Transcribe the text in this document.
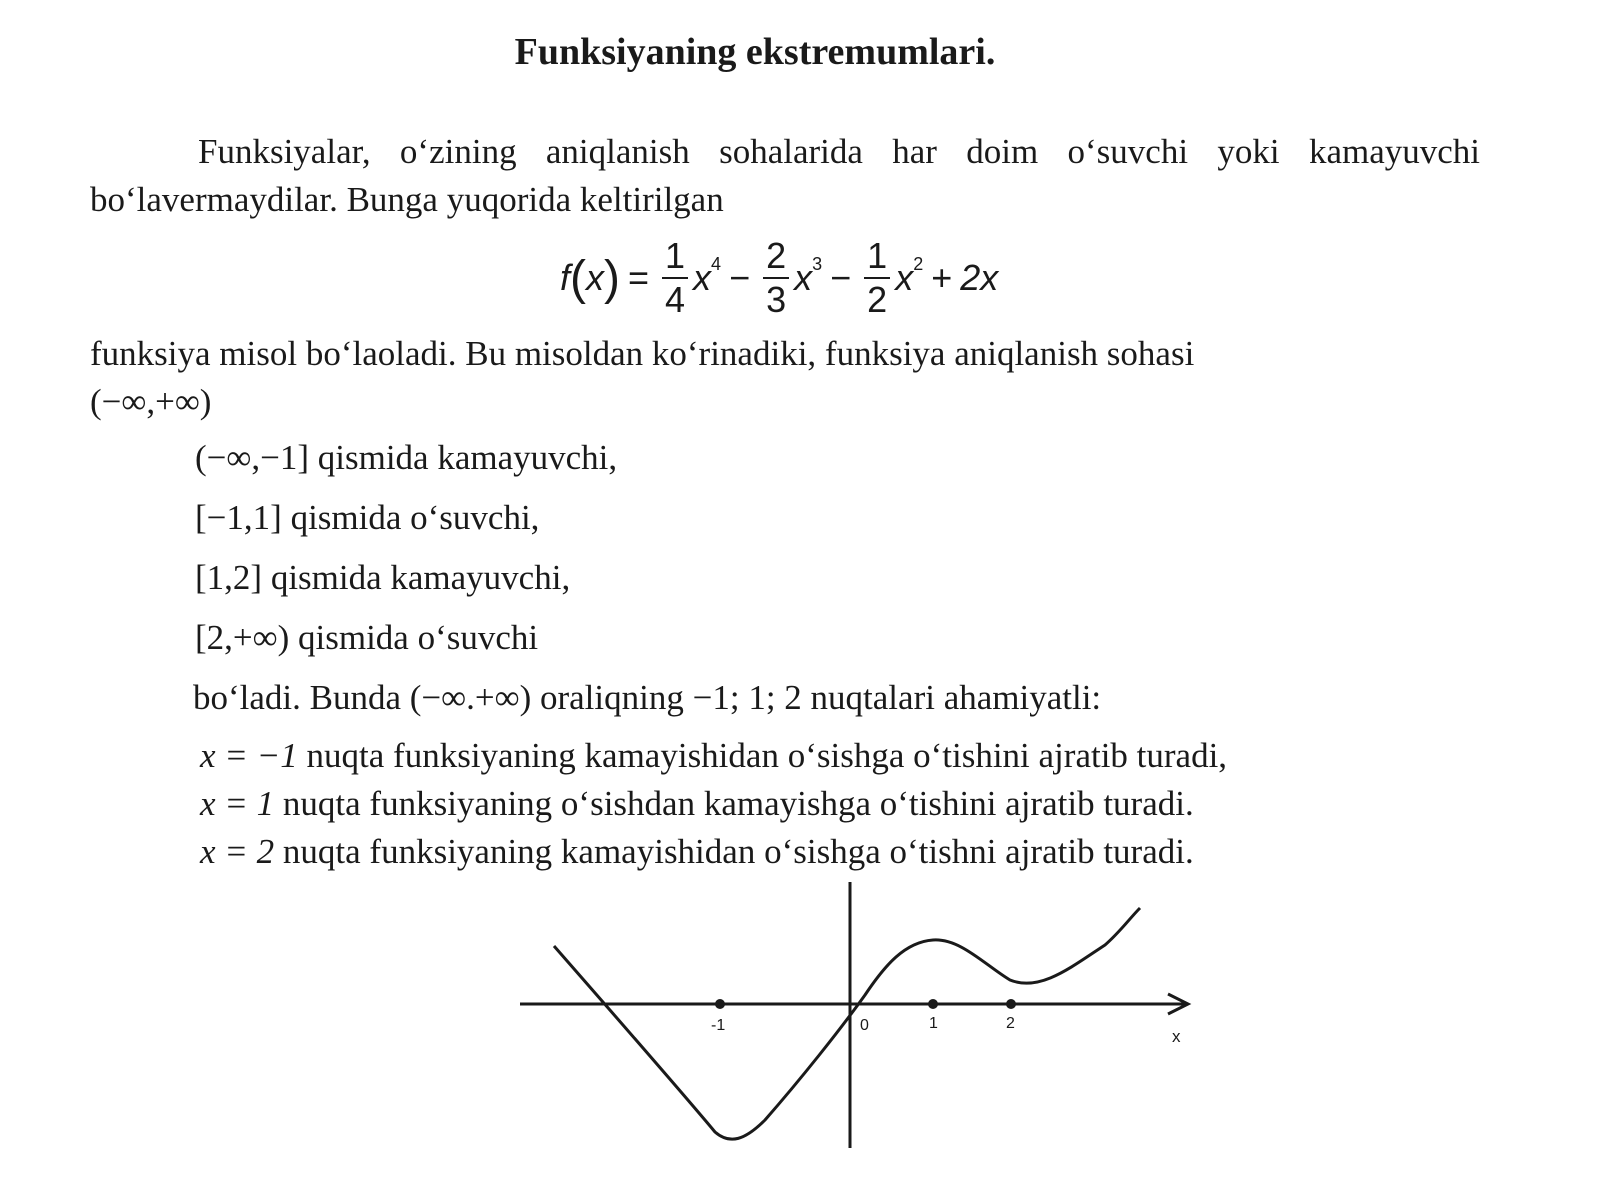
Funksiyaning ekstremumlari.

Funksiyalar, o‘zining aniqlanish sohalarida har doim o‘suvchi yoki kamayuvchi bo‘lavermaydilar. Bunga yuqorida keltirilgan

f ( x ) = $\frac{1}{4} x^4 - \frac{2}{3} x^3 - \frac{1}{2} x^2 + 2x$

funksiya misol bo‘laoladi. Bu misoldan ko‘rinadiki, funksiya aniqlanish sohasi

(−∞,+∞)

(−∞,−1] qismida kamayuvchi,
[−1,1] qismida o‘suvchi,
[1,2] qismida kamayuvchi,
[2,+∞) qismida o‘suvchi
bo‘ladi. Bunda (−∞.+∞) oraliqning −1; 1; 2 nuqtalari ahamiyatli:
x = −1 nuqta funksiyaning kamayishidan o‘sishga o‘tishini ajratib turadi,
x = 1 nuqta funksiyaning o‘sishdan kamayishga o‘tishini ajratib turadi.
x = 2 nuqta funksiyaning kamayishidan o‘sishga o‘tishni ajratib turadi.
-1	0	1	2
x
